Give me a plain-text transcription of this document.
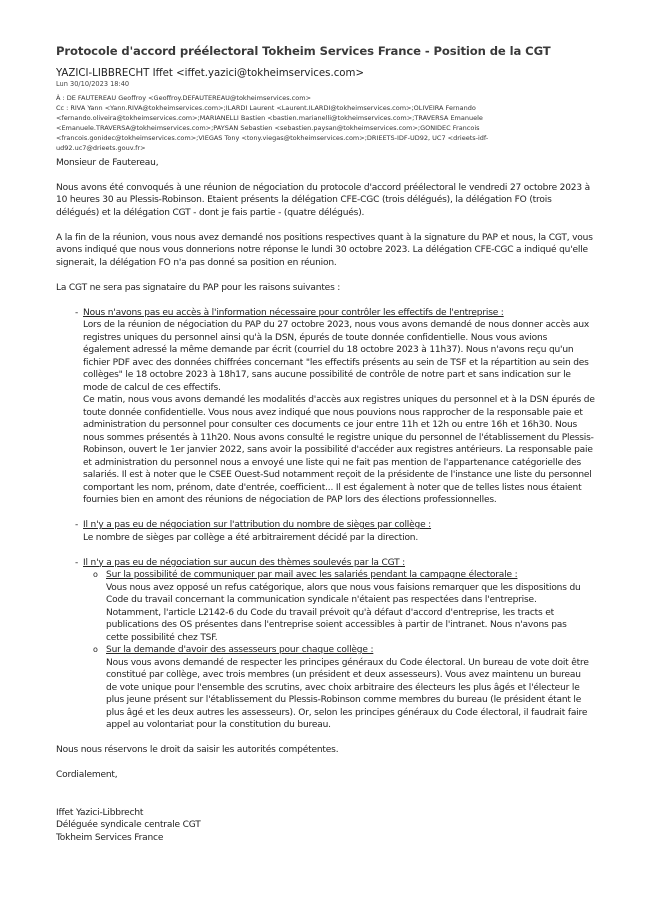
Protocole d'accord préélectoral Tokheim Services France - Position de la CGT
YAZICI-LIBBRECHT Iffet <iffet.yazici@tokheimservices.com>
Lun 30/10/2023 18:40

À : DE FAUTEREAU Geoffroy <Geoffroy.DEFAUTEREAU@tokheimservices.com>

Cc : RIVA Yann <Yann.RIVA@tokheimservices.com>;ILARDI Laurent <Laurent.ILARDI@tokheimservices.com>;OLIVEIRA Fernando

<fernando.oliveira@tokheimservices.com>;MARIANELLI Bastien <bastien.marianelli@tokheimservices.com>;TRAVERSA Emanuele

<Emanuele.TRAVERSA@tokheimservices.com>;PAYSAN Sebastien <sebastien.paysan@tokheimservices.com>;GONIDEC Francois

<francois.gonidec@tokheimservices.com>;VIEGAS Tony <tony.viegas@tokheimservices.com>;DRIEETS-IDF-UD92, UC7 <drieets-idf-

ud92.uc7@drieets.gouv.fr>

Monsieur de Fautereau,

Nous avons été convoqués à une réunion de négociation du protocole d'accord préélectoral le vendredi 27 octobre 2023 à

10 heures 30 au Plessis-Robinson. Etaient présents la délégation CFE-CGC (trois délégués), la délégation FO (trois

délégués) et la délégation CGT - dont je fais partie - (quatre délégués).

A la fin de la réunion, vous nous avez demandé nos positions respectives quant à la signature du PAP et nous, la CGT, vous

avons indiqué que nous vous donnerions notre réponse le lundi 30 octobre 2023. La délégation CFE-CGC a indiqué qu'elle

signerait, la délégation FO n'a pas donné sa position en réunion.

La CGT ne sera pas signataire du PAP pour les raisons suivantes :

- Nous n'avons pas eu accès à l'information nécessaire pour contrôler les effectifs de l'entreprise :

Lors de la réunion de négociation du PAP du 27 octobre 2023, nous vous avons demandé de nous donner accès aux

registres uniques du personnel ainsi qu'à la DSN, épurés de toute donnée confidentielle. Nous vous avions

également adressé la même demande par écrit (courriel du 18 octobre 2023 à 11h37). Nous n'avons reçu qu'un

fichier PDF avec des données chiffrées concernant "les effectifs présents au sein de TSF et la répartition au sein des

collèges" le 18 octobre 2023 à 18h17, sans aucune possibilité de contrôle de notre part et sans indication sur le

mode de calcul de ces effectifs.

Ce matin, nous vous avons demandé les modalités d'accès aux registres uniques du personnel et à la DSN épurés de

toute donnée confidentielle. Vous nous avez indiqué que nous pouvions nous rapprocher de la responsable paie et

administration du personnel pour consulter ces documents ce jour entre 11h et 12h ou entre 16h et 16h30. Nous

nous sommes présentés à 11h20. Nous avons consulté le registre unique du personnel de l'établissement du Plessis-

Robinson, ouvert le 1er janvier 2022, sans avoir la possibilité d'accéder aux registres antérieurs. La responsable paie

et administration du personnel nous a envoyé une liste qui ne fait pas mention de l'appartenance catégorielle des

salariés. Il est à noter que le CSEE Ouest-Sud notamment reçoit de la présidente de l'instance une liste du personnel

comportant les nom, prénom, date d'entrée, coefficient... Il est également à noter que de telles listes nous étaient

fournies bien en amont des réunions de négociation de PAP lors des élections professionnelles.

- Il n'y a pas eu de négociation sur l'attribution du nombre de sièges par collège :

Le nombre de sièges par collège a été arbitrairement décidé par la direction.

- Il n'y a pas eu de négociation sur aucun des thèmes soulevés par la CGT :

o Sur la possibilité de communiquer par mail avec les salariés pendant la campagne électorale :

Vous nous avez opposé un refus catégorique, alors que nous vous faisions remarquer que les dispositions du

Code du travail concernant la communication syndicale n'étaient pas respectées dans l'entreprise.

Notamment, l'article L2142-6 du Code du travail prévoit qu'à défaut d'accord d'entreprise, les tracts et

publications des OS présentes dans l'entreprise soient accessibles à partir de l'intranet. Nous n'avons pas

cette possibilité chez TSF.

o Sur la demande d'avoir des assesseurs pour chaque collège :

Nous vous avons demandé de respecter les principes généraux du Code électoral. Un bureau de vote doit être

constitué par collège, avec trois membres (un président et deux assesseurs). Vous avez maintenu un bureau

de vote unique pour l'ensemble des scrutins, avec choix arbitraire des électeurs les plus âgés et l'électeur le

plus jeune présent sur l'établissement du Plessis-Robinson comme membres du bureau (le président étant le

plus âgé et les deux autres les assesseurs). Or, selon les principes généraux du Code électoral, il faudrait faire

appel au volontariat pour la constitution du bureau.

Nous nous réservons le droit da saisir les autorités compétentes.

Cordialement,

Iffet Yazici-Libbrecht

Déléguée syndicale centrale CGT

Tokheim Services France
